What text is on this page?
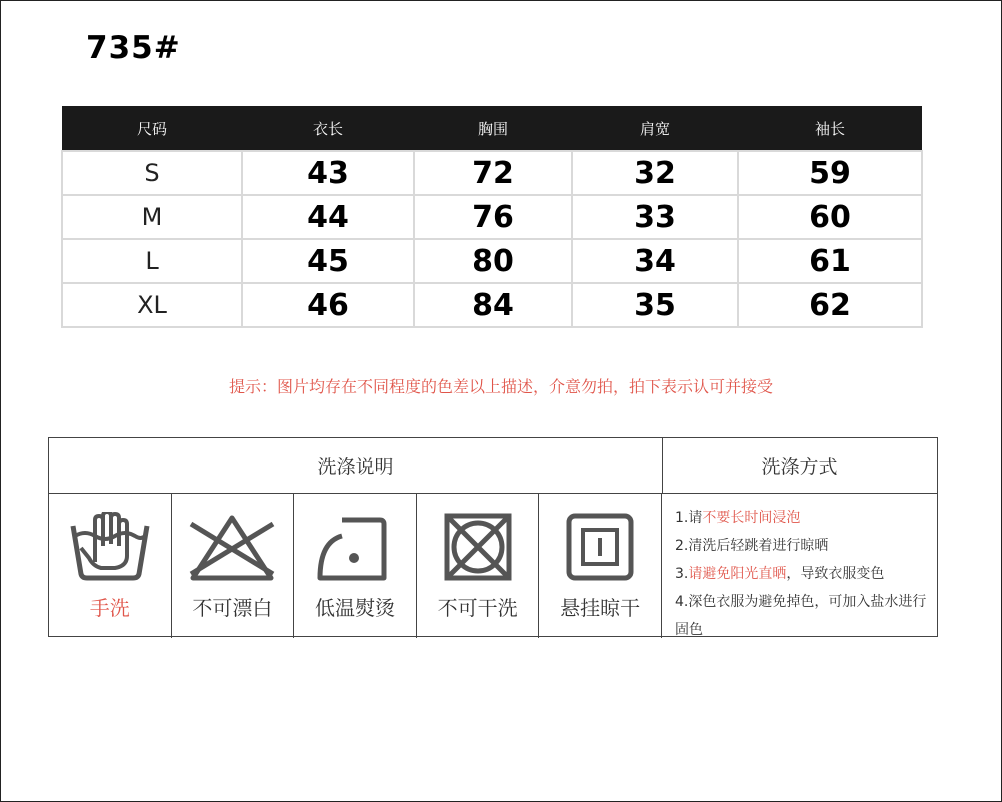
735#
尺码	衣长	胸围	肩宽	袖长
S	43	72	32	59
M	44	76	33	60
L	45	80	34	61
XL	46	84	35	62
提示：图片均存在不同程度的色差以上描述，介意勿拍，拍下表示认可并接受
洗涤说明	洗涤方式
手洗	不可漂白 低温熨烫 不可干洗 悬挂晾干
1.请不要长时间浸泡
2.清洗后轻跳着进行晾晒
3.请避免阳光直晒，导致衣服变色
4.深色衣服为避免掉色，可加入盐水进行固色
